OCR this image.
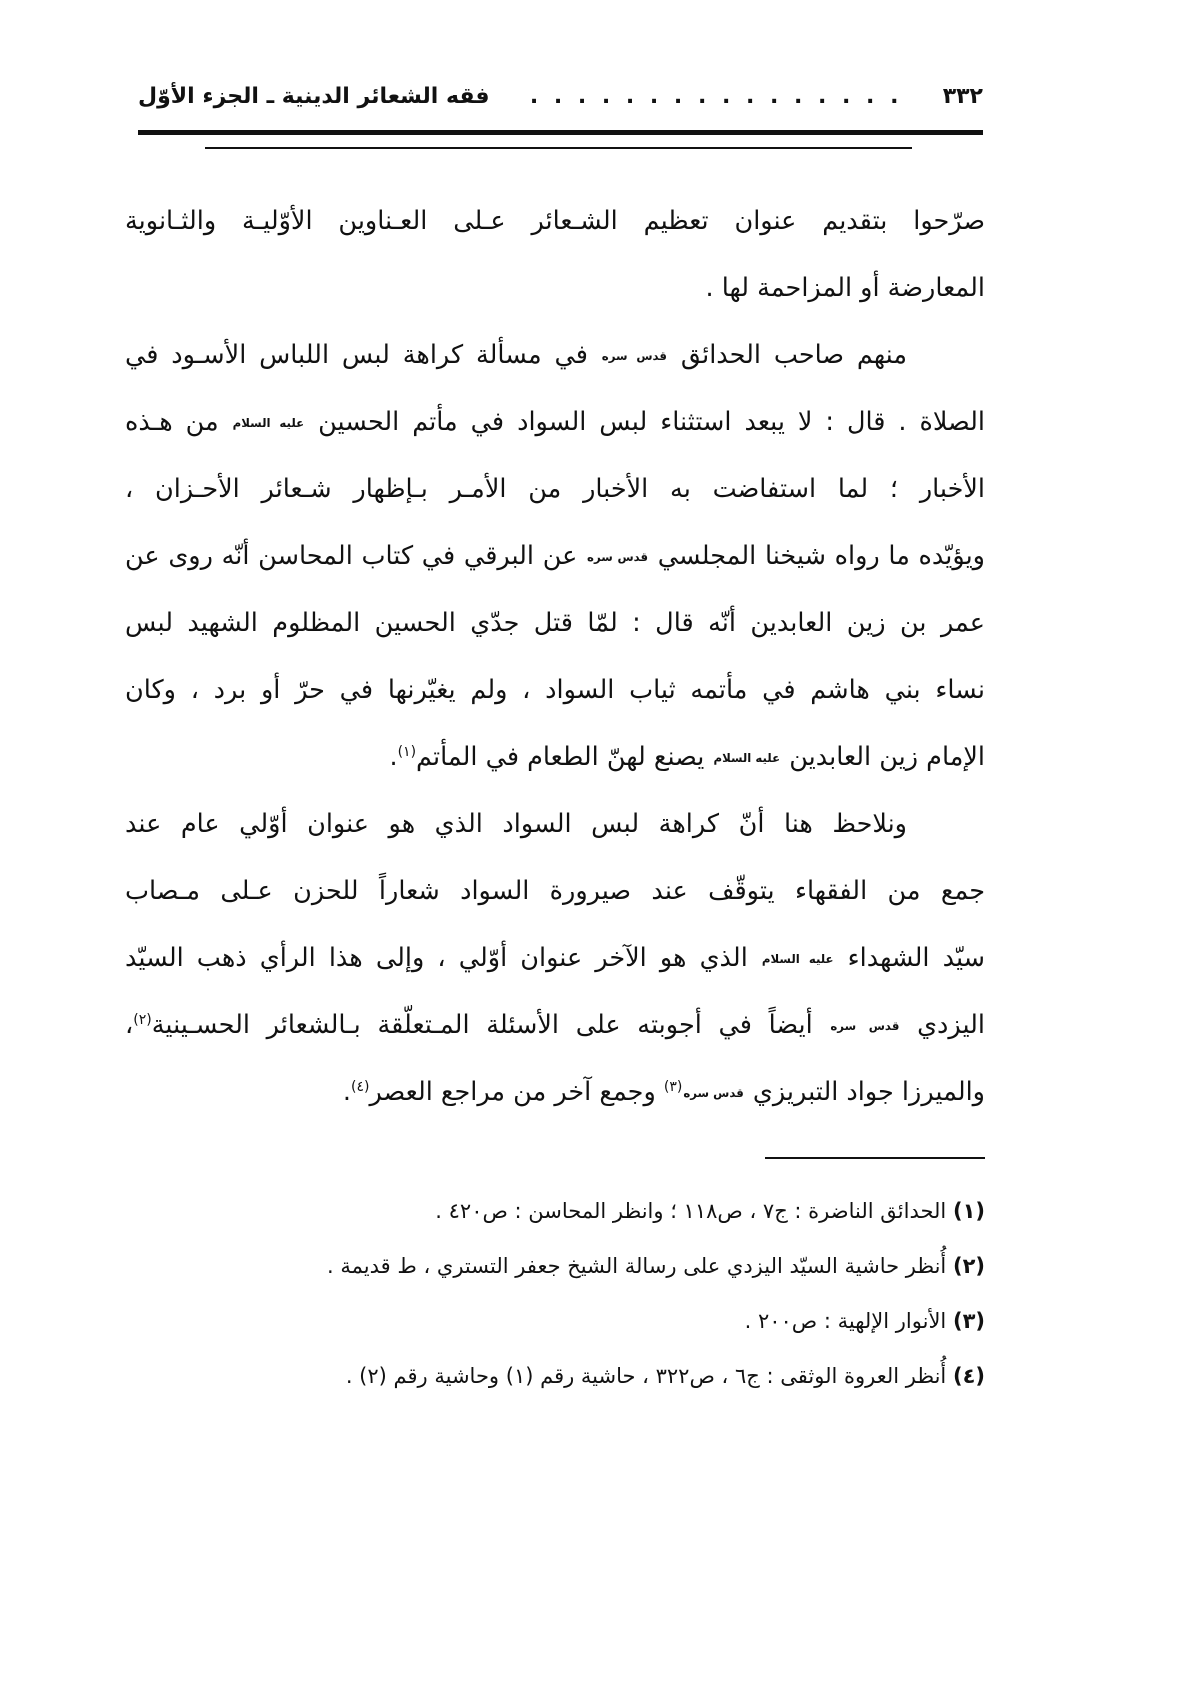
٣٣٢
. . . . . . . . . . . . . . . .
فقه الشعائر الدينية ـ الجزء الأوّل
صرّحوا بتقديم عنوان تعظيم الشـعائر عـلى العـناوين الأوّليـة والثـانوية
المعارضة أو المزاحمة لها .
منهم صاحب الحدائق قدس سره في مسألة كراهة لبس اللباس الأسـود في
الصلاة . قال : لا يبعد استثناء لبس السواد في مأتم الحسين عليه السلام من هـذه
الأخبار ؛ لما استفاضت به الأخبار من الأمـر بـإظهار شـعائر الأحـزان ،
ويؤيّده ما رواه شيخنا المجلسي قدس سره عن البرقي في كتاب المحاسن أنّه روى عن
عمر بن زين العابدين أنّه قال : لمّا قتل جدّي الحسين المظلوم الشهيد لبس
نساء بني هاشم في مأتمه ثياب السواد ، ولم يغيّرنها في حرّ أو برد ، وكان
الإمام زين العابدين عليه السلام يصنع لهنّ الطعام في المأتم$^{(١)}$.
ونلاحظ هنا أنّ كراهة لبس السواد الذي هو عنوان أوّلي عام عند
جمع من الفقهاء يتوقّف عند صيرورة السواد شعاراً للحزن عـلى مـصاب
سيّد الشهداء عليه السلام الذي هو الآخر عنوان أوّلي ، وإلى هذا الرأي ذهب السيّد
اليزدي قدس سره أيضاً في أجوبته على الأسئلة المـتعلّقة بـالشعائر الحسـينية$^{(٢)}$،
والميرزا جواد التبريزي قدس سره$^{(٣)}$ وجمع آخر من مراجع العصر$^{(٤)}$.
(١) الحدائق الناضرة : ج٧ ، ص١١٨ ؛ وانظر المحاسن : ص٤٢٠ .
(٢) أُنظر حاشية السيّد اليزدي على رسالة الشيخ جعفر التستري ، ط قديمة .
(٣) الأنوار الإلهية : ص٢٠٠ .
(٤) أُنظر العروة الوثقى : ج٦ ، ص٣٢٢ ، حاشية رقم (١) وحاشية رقم (٢) .
